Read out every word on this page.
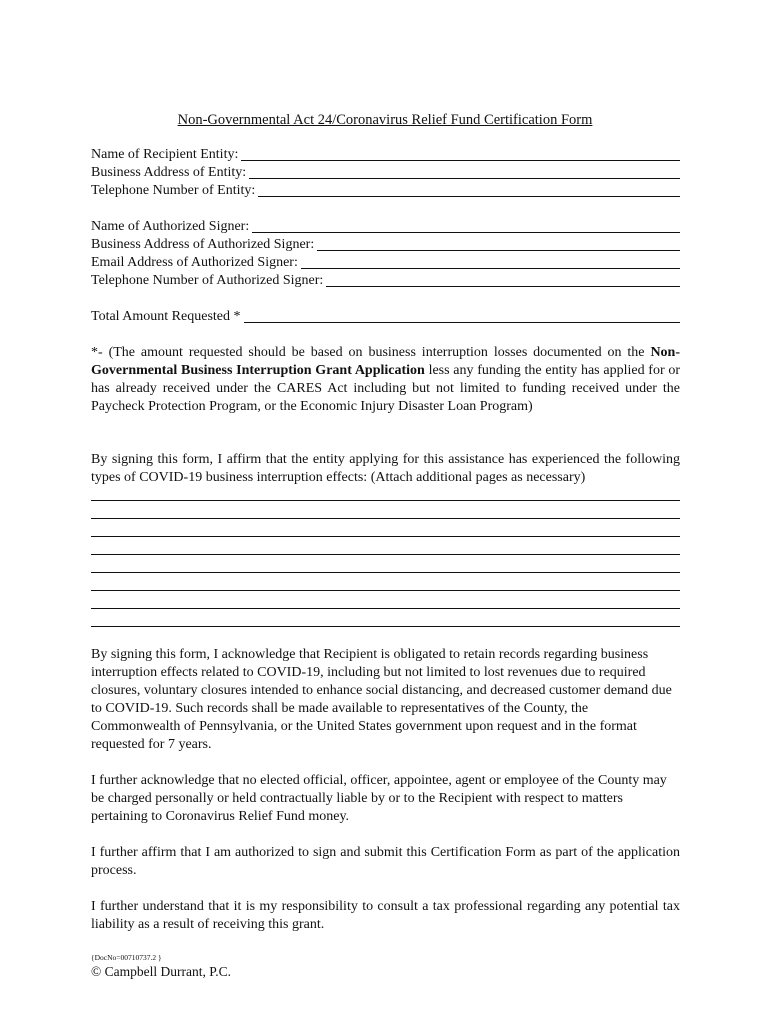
Non-Governmental Act 24/Coronavirus Relief Fund Certification Form
Name of Recipient Entity:
Business Address of Entity:
Telephone Number of Entity:
Name of Authorized Signer:
Business Address of Authorized Signer:
Email Address of Authorized Signer:
Telephone Number of Authorized Signer:
Total Amount Requested *

*- (The amount requested should be based on business interruption losses documented on the Non-Governmental Business Interruption Grant Application less any funding the entity has applied for or has already received under the CARES Act including but not limited to funding received under the Paycheck Protection Program, or the Economic Injury Disaster Loan Program)

By signing this form, I affirm that the entity applying for this assistance has experienced the following types of COVID-19 business interruption effects: (Attach additional pages as necessary)

By signing this form, I acknowledge that Recipient is obligated to retain records regarding business interruption effects related to COVID-19, including but not limited to lost revenues due to required closures, voluntary closures intended to enhance social distancing, and decreased customer demand due to COVID-19. Such records shall be made available to representatives of the County, the Commonwealth of Pennsylvania, or the United States government upon request and in the format requested for 7 years.

I further acknowledge that no elected official, officer, appointee, agent or employee of the County may be charged personally or held contractually liable by or to the Recipient with respect to matters pertaining to Coronavirus Relief Fund money.

I further affirm that I am authorized to sign and submit this Certification Form as part of the application process.

I further understand that it is my responsibility to consult a tax professional regarding any potential tax liability as a result of receiving this grant.

{DocNo=00710737.2 }
© Campbell Durrant, P.C.
